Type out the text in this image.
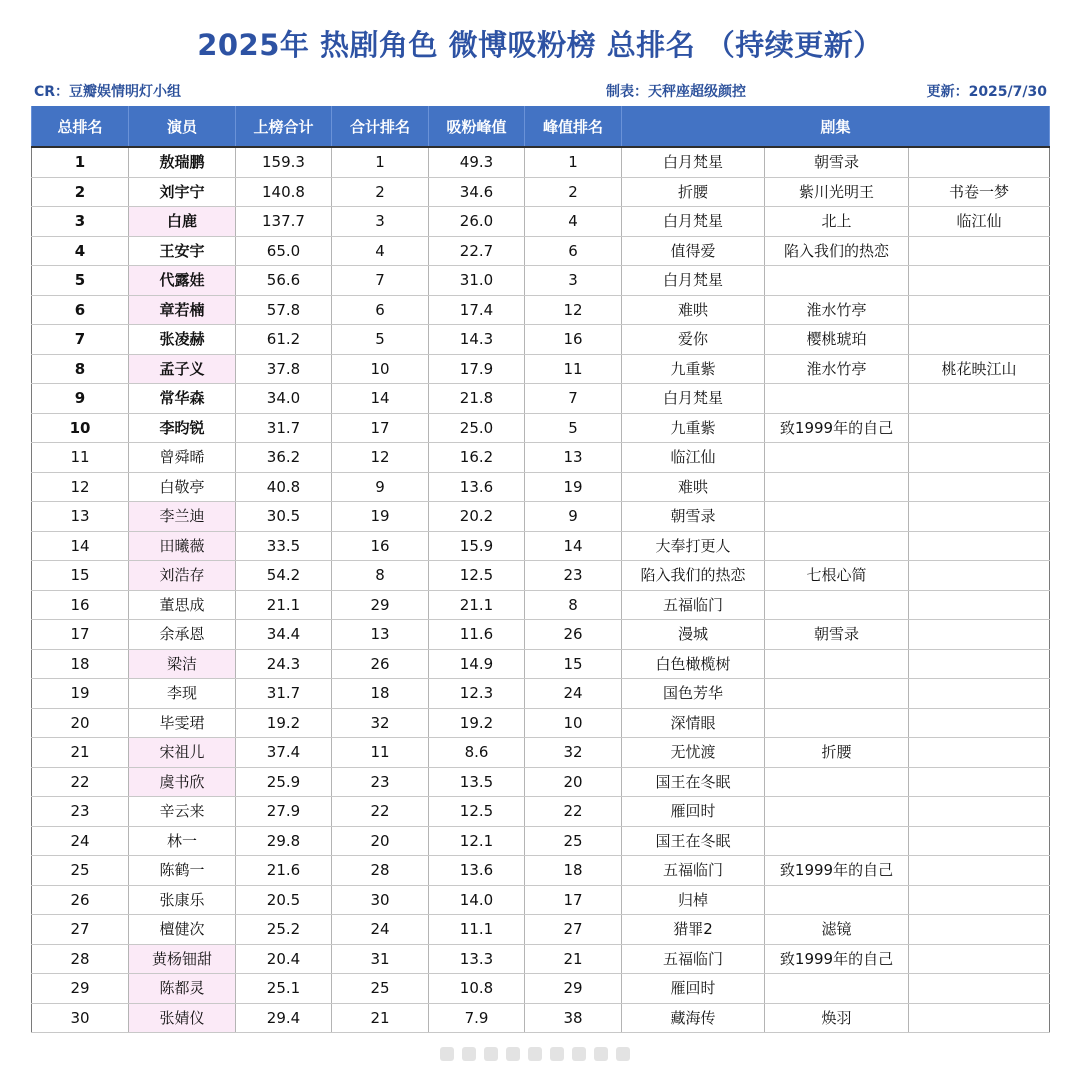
2025年 热剧角色 微博吸粉榜 总排名 （持续更新）
CR：豆瓣娱情明灯小组	制表：天秤座超级颜控	更新：2025/7/30
总排名	演员	上榜合计	合计排名	吸粉峰值	峰值排名	剧集		
1	敖瑞鹏	159.3	1	49.3	1	白月梵星	朝雪录	
2	刘宇宁	140.8	2	34.6	2	折腰	紫川光明王	书卷一梦
3	白鹿	137.7	3	26.0	4	白月梵星	北上	临江仙
4	王安宇	65.0	4	22.7	6	值得爱	陷入我们的热恋	
5	代露娃	56.6	7	31.0	3	白月梵星		
6	章若楠	57.8	6	17.4	12	难哄	淮水竹亭	
7	张凌赫	61.2	5	14.3	16	爱你	樱桃琥珀	
8	孟子义	37.8	10	17.9	11	九重紫	淮水竹亭	桃花映江山
9	常华森	34.0	14	21.8	7	白月梵星		
10	李昀锐	31.7	17	25.0	5	九重紫	致1999年的自己	
11	曾舜晞	36.2	12	16.2	13	临江仙		
12	白敬亭	40.8	9	13.6	19	难哄		
13	李兰迪	30.5	19	20.2	9	朝雪录		
14	田曦薇	33.5	16	15.9	14	大奉打更人		
15	刘浩存	54.2	8	12.5	23	陷入我们的热恋	七根心简	
16	董思成	21.1	29	21.1	8	五福临门		
17	余承恩	34.4	13	11.6	26	漫城	朝雪录	
18	梁洁	24.3	26	14.9	15	白色橄榄树		
19	李现	31.7	18	12.3	24	国色芳华		
20	毕雯珺	19.2	32	19.2	10	深情眼		
21	宋祖儿	37.4	11	8.6	32	无忧渡	折腰	
22	虞书欣	25.9	23	13.5	20	国王在冬眠		
23	辛云来	27.9	22	12.5	22	雁回时		
24	林一	29.8	20	12.1	25	国王在冬眠		
25	陈鹤一	21.6	28	13.6	18	五福临门	致1999年的自己	
26	张康乐	20.5	30	14.0	17	归棹		
27	檀健次	25.2	24	11.1	27	猎罪2	滤镜	
28	黄杨钿甜	20.4	31	13.3	21	五福临门	致1999年的自己	
29	陈都灵	25.1	25	10.8	29	雁回时		
30	张婧仪	29.4	21	7.9	38	藏海传	焕羽	
